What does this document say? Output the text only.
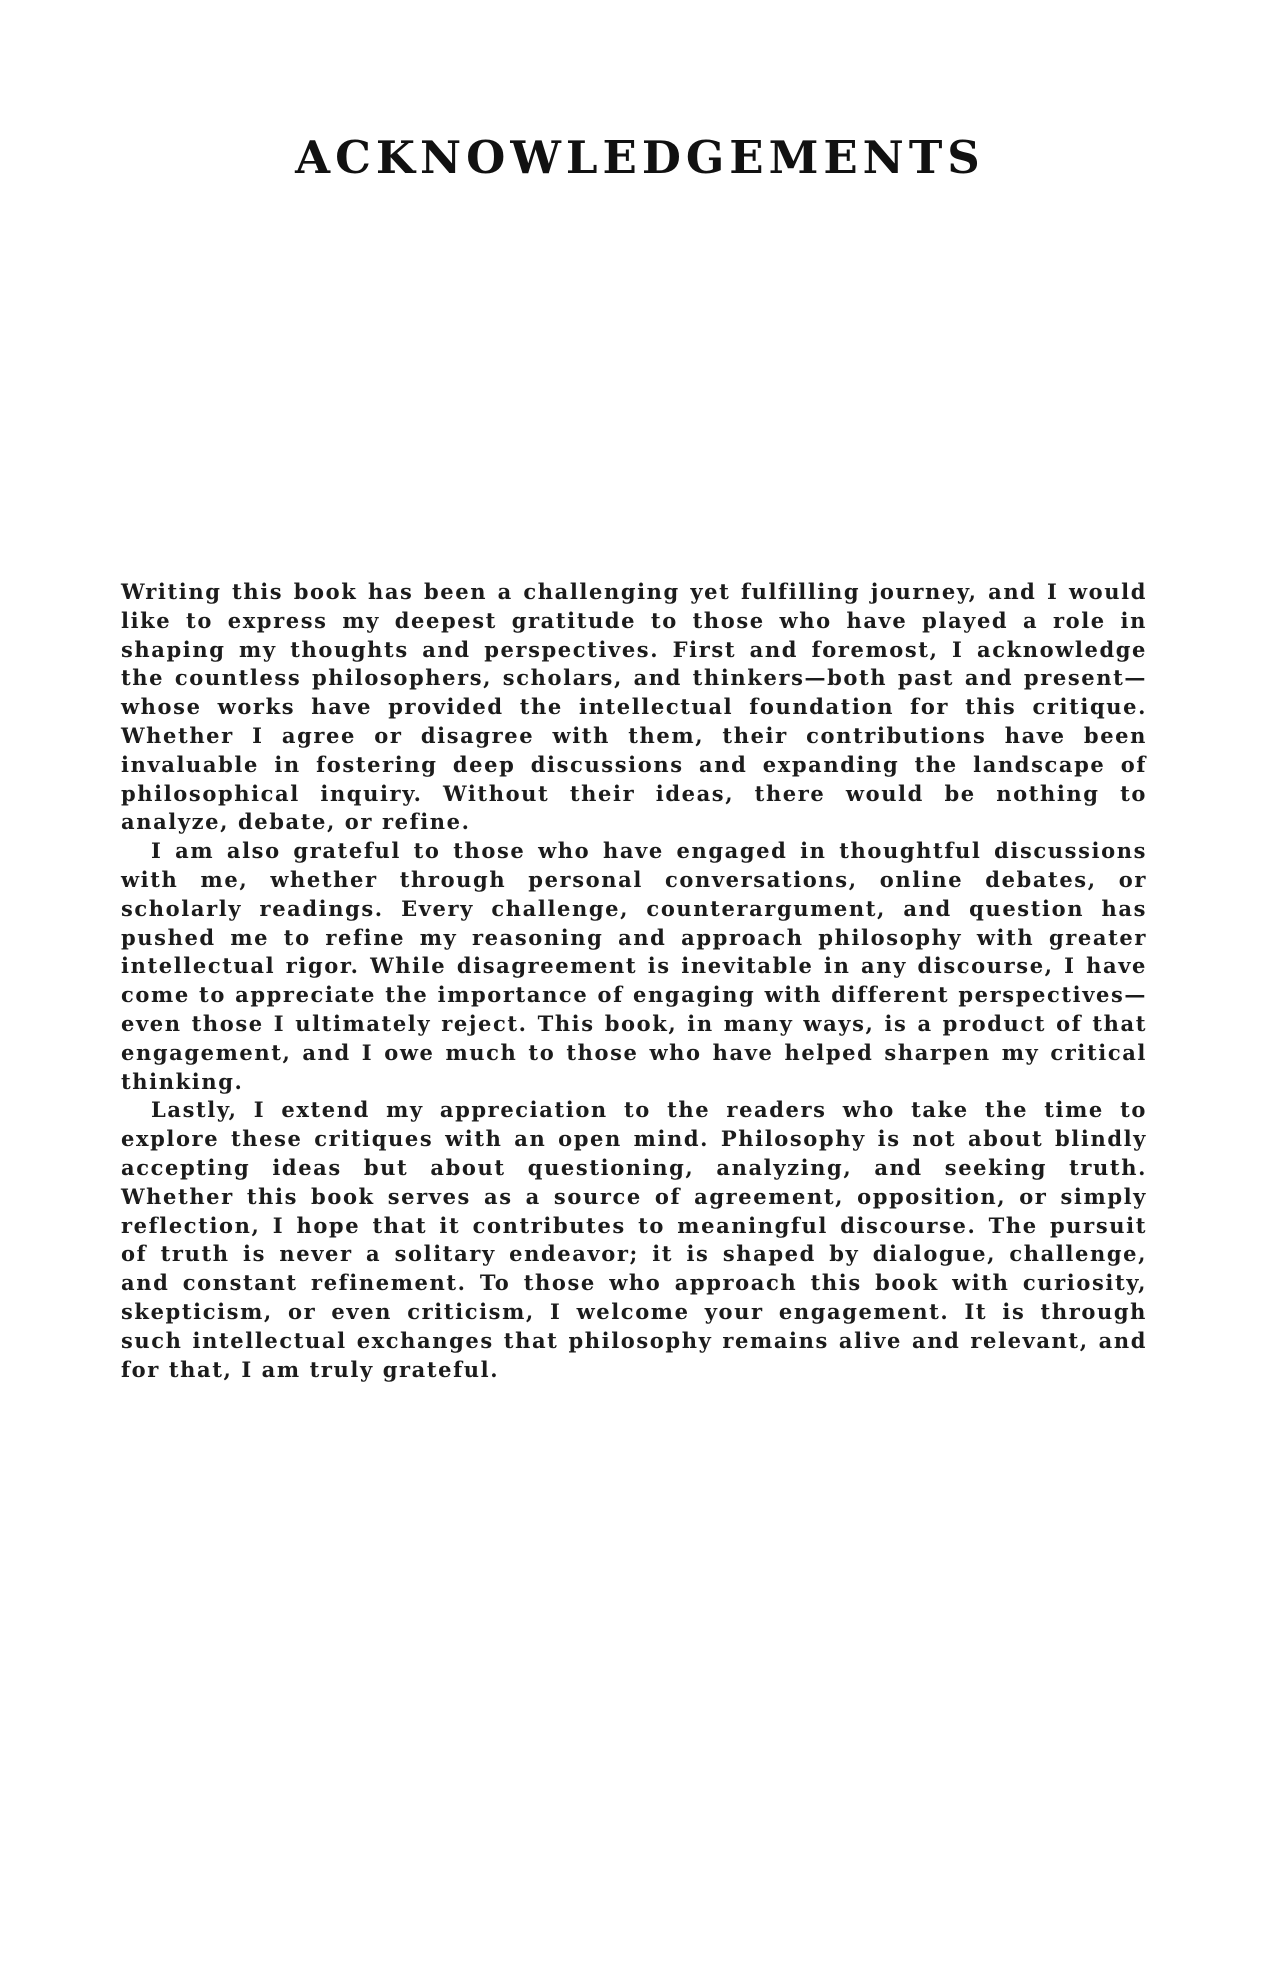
ACKNOWLEDGEMENTS

Writing this book has been a challenging yet fulfilling journey, and I would like to express my deepest gratitude to those who have played a role in shaping my thoughts and perspectives. First and foremost, I acknowledge the countless philosophers, scholars, and thinkers—both past and present—whose works have provided the intellectual foundation for this critique. Whether I agree or disagree with them, their contributions have been invaluable in fostering deep discussions and expanding the landscape of philosophical inquiry. Without their ideas, there would be nothing to analyze, debate, or refine.

I am also grateful to those who have engaged in thoughtful discussions with me, whether through personal conversations, online debates, or scholarly readings. Every challenge, counterargument, and question has pushed me to refine my reasoning and approach philosophy with greater intellectual rigor. While disagreement is inevitable in any discourse, I have come to appreciate the importance of engaging with different perspectives—even those I ultimately reject. This book, in many ways, is a product of that engagement, and I owe much to those who have helped sharpen my critical thinking.

Lastly, I extend my appreciation to the readers who take the time to explore these critiques with an open mind. Philosophy is not about blindly accepting ideas but about questioning, analyzing, and seeking truth. Whether this book serves as a source of agreement, opposition, or simply reflection, I hope that it contributes to meaningful discourse. The pursuit of truth is never a solitary endeavor; it is shaped by dialogue, challenge, and constant refinement. To those who approach this book with curiosity, skepticism, or even criticism, I welcome your engagement. It is through such intellectual exchanges that philosophy remains alive and relevant, and for that, I am truly grateful.
